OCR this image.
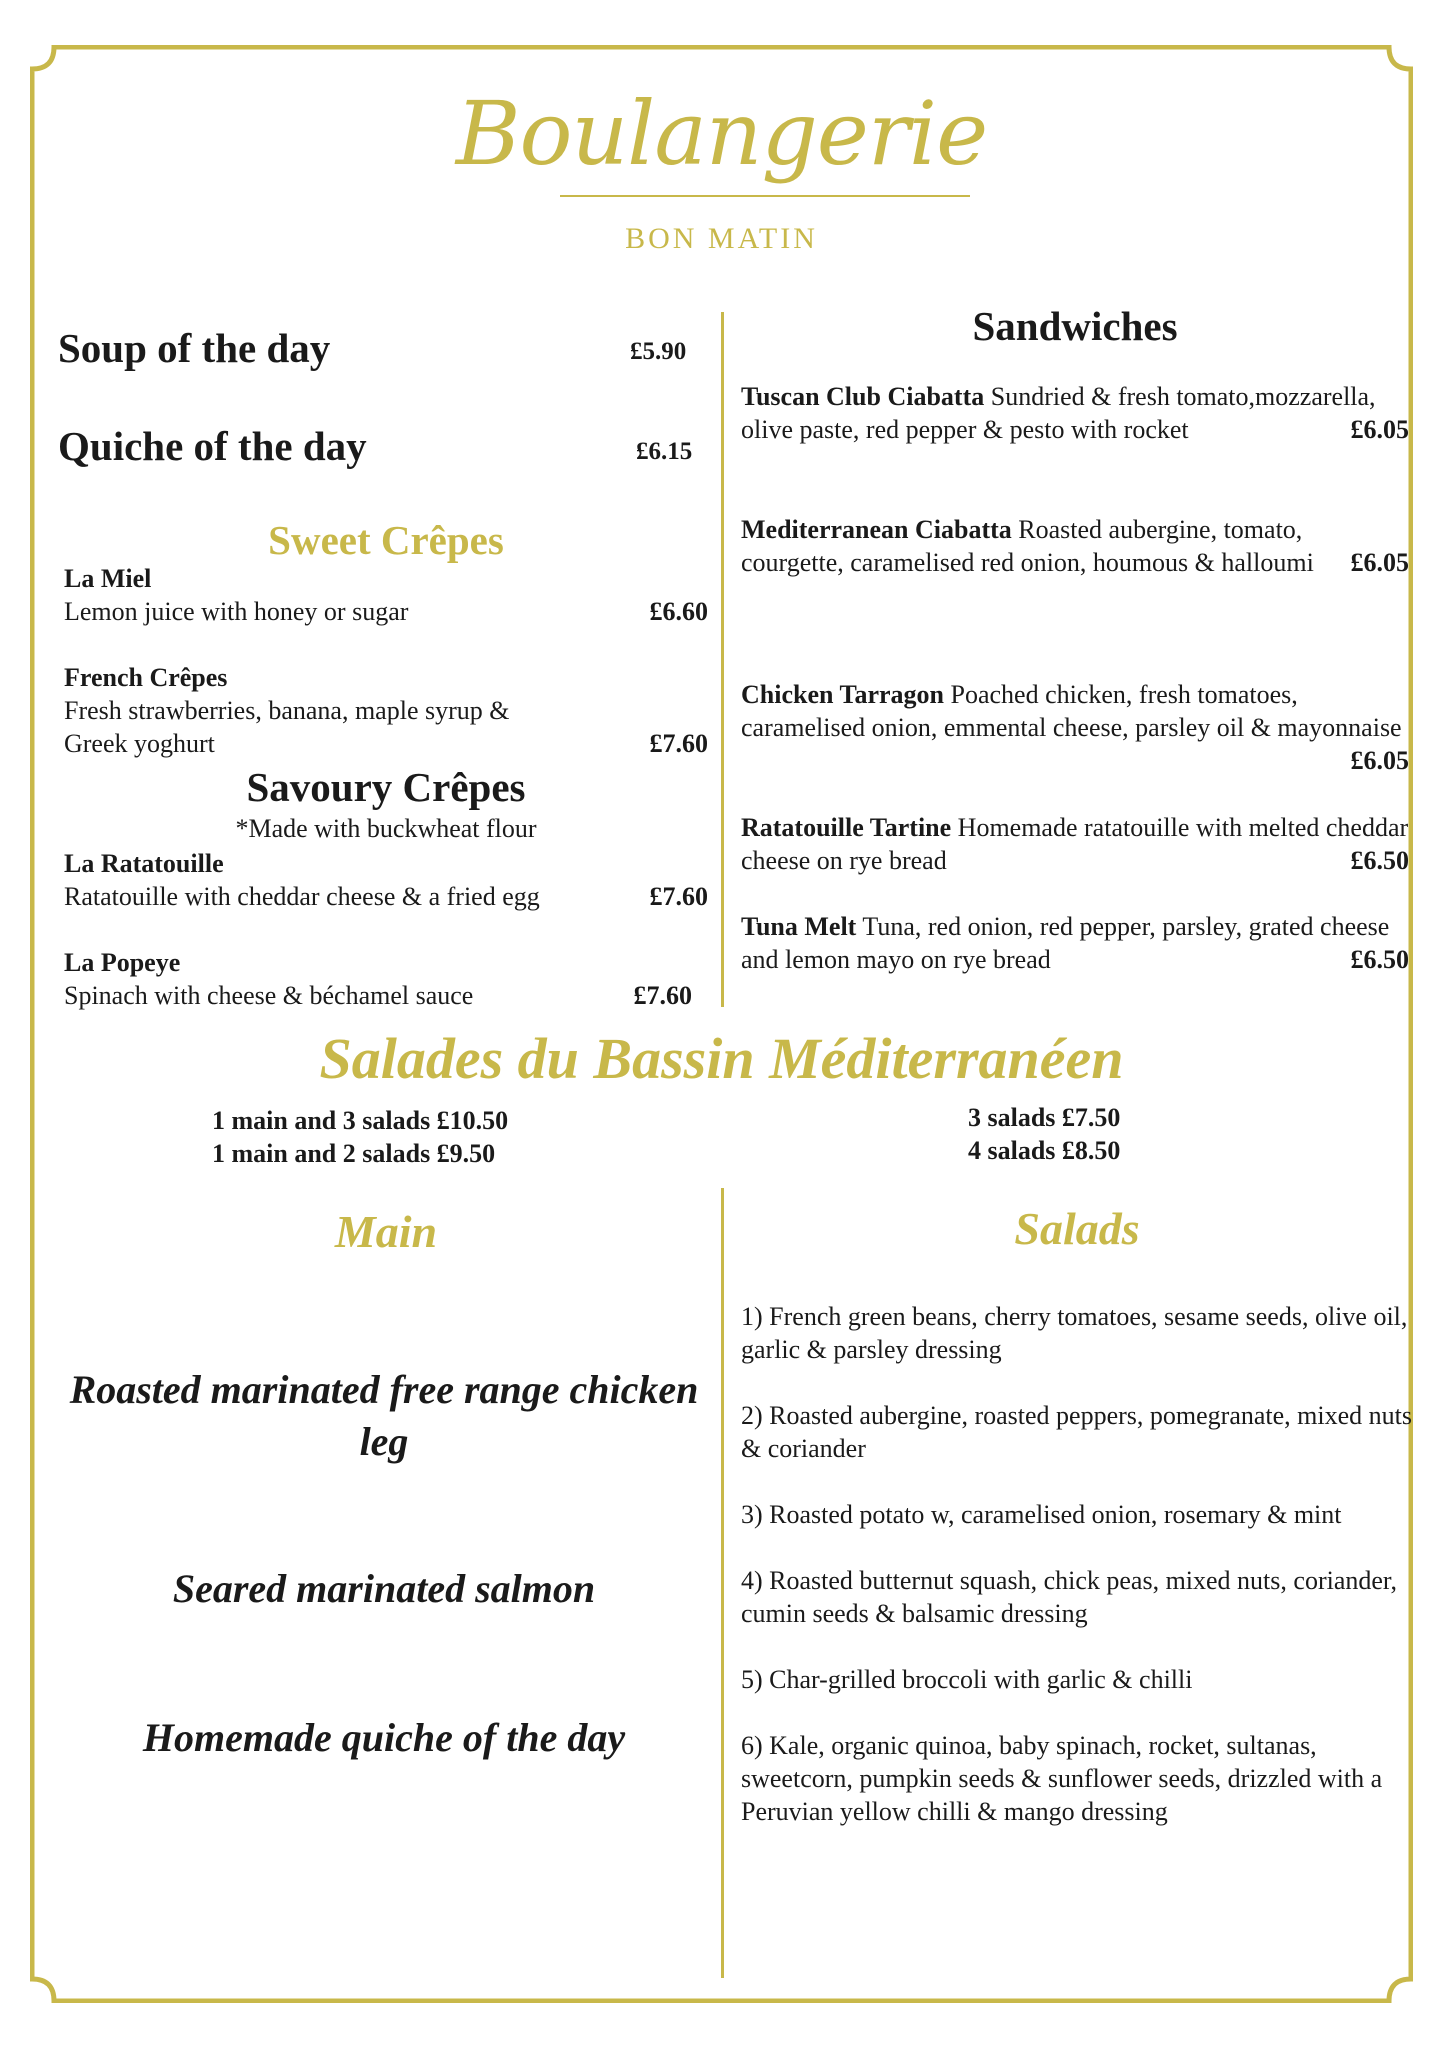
Boulangerie
BON MATIN
Soup of the day	£5.90
Quiche of the day	£6.15
Sweet Crêpes
La Miel
Lemon juice with honey or sugar	£6.60
French Crêpes
Fresh strawberries, banana, maple syrup &
Greek yoghurt	£7.60
Savoury Crêpes
*Made with buckwheat flour
La Ratatouille
Ratatouille with cheddar cheese & a fried egg	£7.60
La Popeye
Spinach with cheese & béchamel sauce	£7.60
Sandwiches

Tuscan Club Ciabatta Sundried & fresh tomato,mozzarella, olive paste, red pepper & pesto with rocket	£6.05

Mediterranean Ciabatta Roasted aubergine, tomato, courgette, caramelised red onion, houmous & halloumi £6.05

Chicken Tarragon Poached chicken, fresh tomatoes, caramelised onion, emmental cheese, parsley oil & mayonnaise
£6.05

Ratatouille Tartine Homemade ratatouille with melted cheddar cheese on rye bread	£6.50

Tuna Melt Tuna, red onion, red pepper, parsley, grated cheese and lemon mayo on rye bread	£6.50

Salades du Bassin Méditerranéen
1 main and 3 salads £10.50
1 main and 2 salads £9.50
3 salads £7.50
4 salads £8.50
Main	Salads
Roasted marinated free range chicken leg
Seared marinated salmon
Homemade quiche of the day

1) French green beans, cherry tomatoes, sesame seeds, olive oil, garlic & parsley dressing

2) Roasted aubergine, roasted peppers, pomegranate, mixed nuts & coriander

3) Roasted potato w, caramelised onion, rosemary & mint

4) Roasted butternut squash, chick peas, mixed nuts, coriander, cumin seeds & balsamic dressing

5) Char-grilled broccoli with garlic & chilli

6) Kale, organic quinoa, baby spinach, rocket, sultanas, sweetcorn, pumpkin seeds & sunflower seeds, drizzled with a Peruvian yellow chilli & mango dressing
